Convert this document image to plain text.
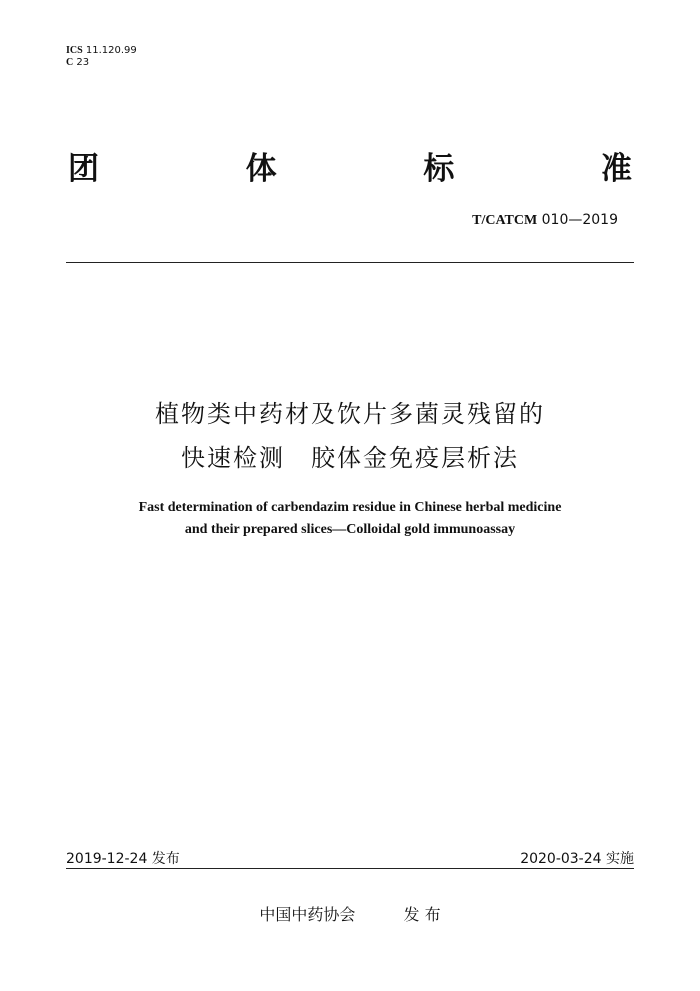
ICS 11.120.99
C 23
团	体	标	准
T/CATCM 010—2019
植物类中药材及饮片多菌灵残留的
快速检测　胶体金免疫层析法
Fast determination of carbendazim residue in Chinese herbal medicine
and their prepared slices—Colloidal gold immunoassay
2019-12-24 发布	2020-03-24 实施
中国中药协会	发 布
